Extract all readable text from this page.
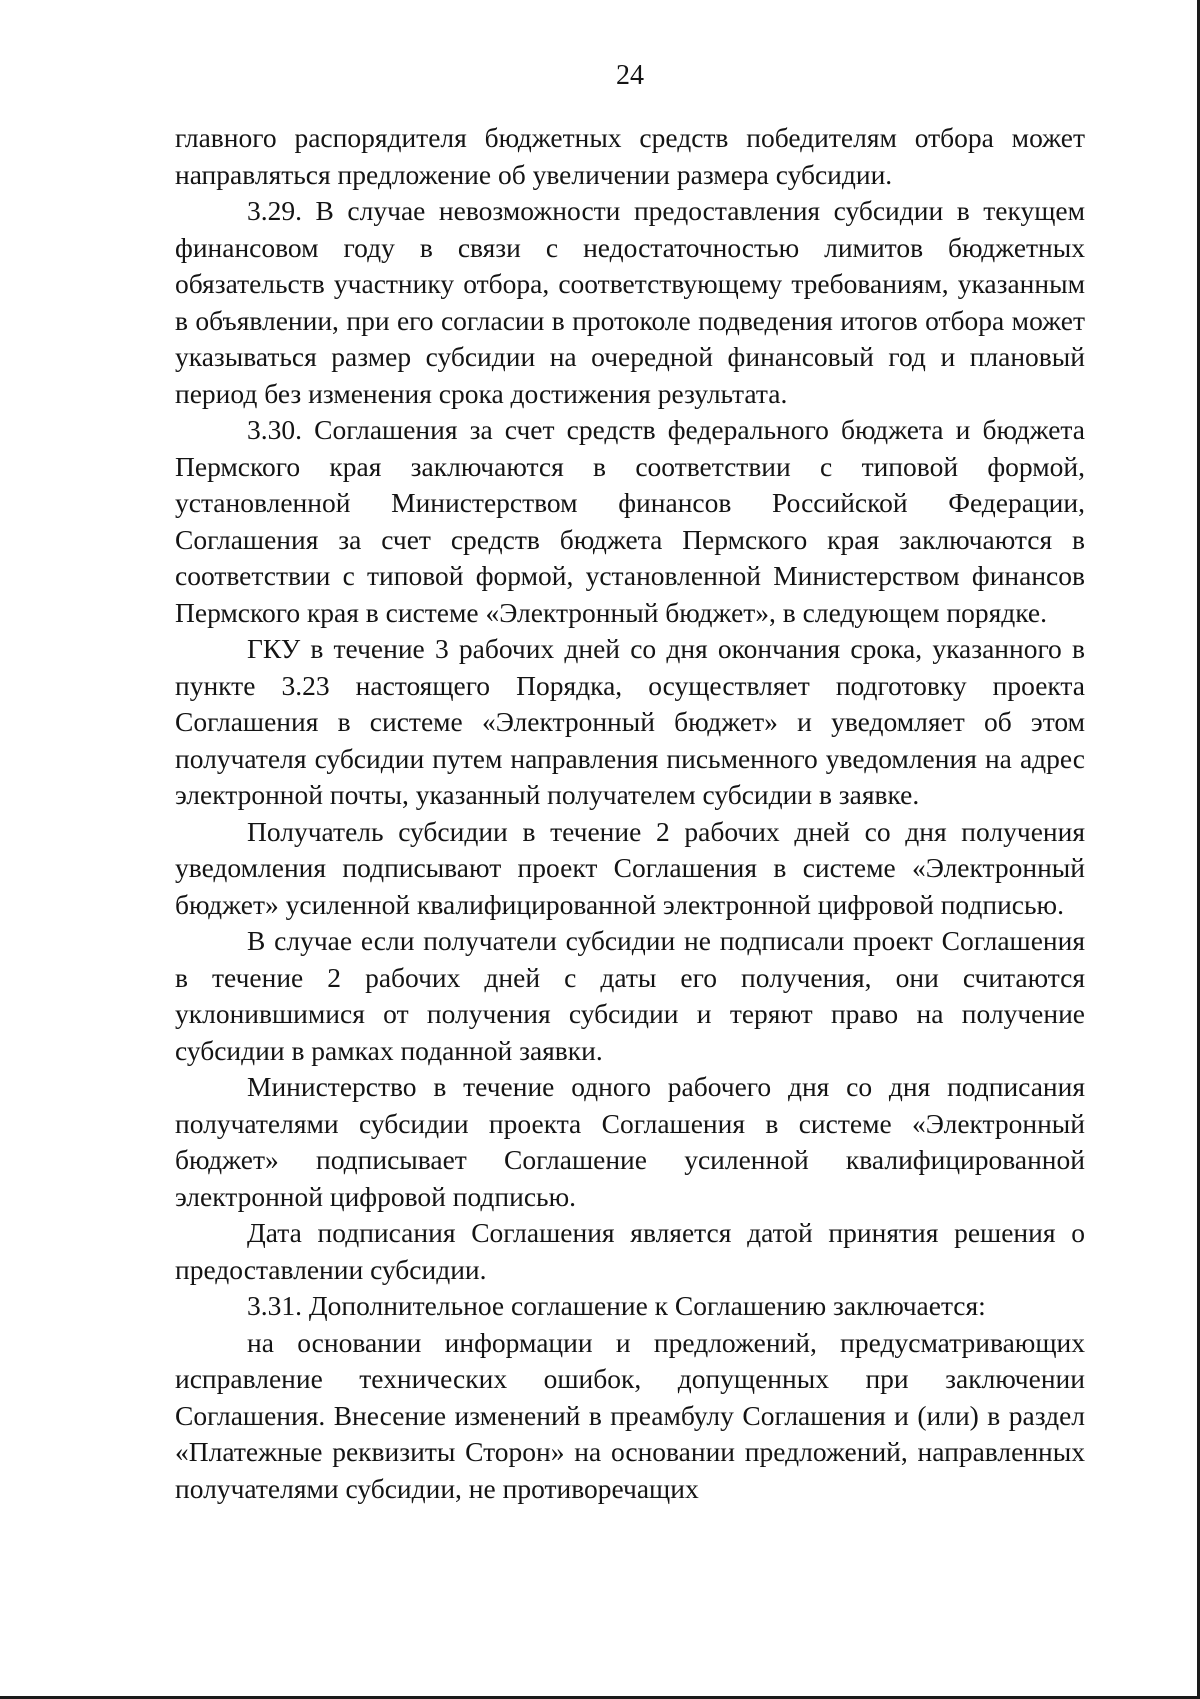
24

главного распорядителя бюджетных средств победителям отбора может направляться предложение об увеличении размера субсидии.

3.29. В случае невозможности предоставления субсидии в текущем финансовом году в связи с недостаточностью лимитов бюджетных обязательств участнику отбора, соответствующему требованиям, указанным в объявлении, при его согласии в протоколе подведения итогов отбора может указываться размер субсидии на очередной финансовый год и плановый период без изменения срока достижения результата.

3.30. Соглашения за счет средств федерального бюджета и бюджета Пермского края заключаются в соответствии с типовой формой, установленной Министерством финансов Российской Федерации, Соглашения за счет средств бюджета Пермского края заключаются в соответствии с типовой формой, установленной Министерством финансов Пермского края в системе «Электронный бюджет», в следующем порядке.

ГКУ в течение 3 рабочих дней со дня окончания срока, указанного в пункте 3.23 настоящего Порядка, осуществляет подготовку проекта Соглашения в системе «Электронный бюджет» и уведомляет об этом получателя субсидии путем направления письменного уведомления на адрес электронной почты, указанный получателем субсидии в заявке.

Получатель субсидии в течение 2 рабочих дней со дня получения уведомления подписывают проект Соглашения в системе «Электронный бюджет» усиленной квалифицированной электронной цифровой подписью.

В случае если получатели субсидии не подписали проект Соглашения в течение 2 рабочих дней с даты его получения, они считаются уклонившимися от получения субсидии и теряют право на получение субсидии в рамках поданной заявки.

Министерство в течение одного рабочего дня со дня подписания получателями субсидии проекта Соглашения в системе «Электронный бюджет» подписывает Соглашение усиленной квалифицированной электронной цифровой подписью.

Дата подписания Соглашения является датой принятия решения о предоставлении субсидии.

3.31. Дополнительное соглашение к Соглашению заключается:

на основании информации и предложений, предусматривающих исправление технических ошибок, допущенных при заключении Соглашения. Внесение изменений в преамбулу Соглашения и (или) в раздел «Платежные реквизиты Сторон» на основании предложений, направленных получателями субсидии, не противоречащих
